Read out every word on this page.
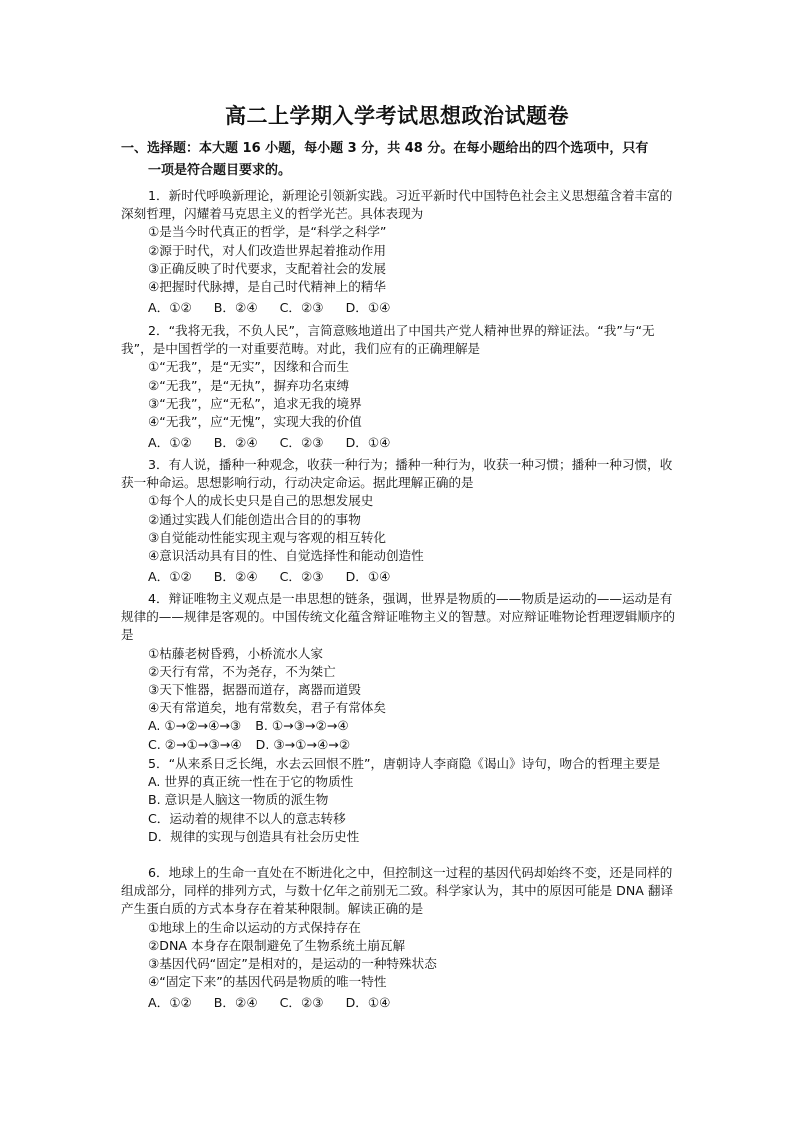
高二上学期入学考试思想政治试题卷
一、选择题：本大题 16 小题，每小题 3 分，共 48 分。在每小题给出的四个选项中，只有
一项是符合题目要求的。
1．新时代呼唤新理论，新理论引领新实践。习近平新时代中国特色社会主义思想蕴含着丰富的深刻哲理，闪耀着马克思主义的哲学光芒。具体表现为
①是当今时代真正的哲学，是“科学之科学”
②源于时代，对人们改造世界起着推动作用
③正确反映了时代要求，支配着社会的发展
④把握时代脉搏，是自己时代精神上的精华
A．①② B．②④ C．②③ D．①④
2．“我将无我，不负人民”，言简意赅地道出了中国共产党人精神世界的辩证法。“我”与“无我”，是中国哲学的一对重要范畴。对此，我们应有的正确理解是
①“无我”，是“无实”，因缘和合而生
②“无我”，是“无执”，摒弃功名束缚
③“无我”，应“无私”，追求无我的境界
④“无我”，应“无愧”，实现大我的价值
A．①② B．②④ C．②③ D．①④
3．有人说，播种一种观念，收获一种行为；播种一种行为，收获一种习惯；播种一种习惯，收获一种命运。思想影响行动，行动决定命运。据此理解正确的是
①每个人的成长史只是自己的思想发展史
②通过实践人们能创造出合目的的事物
③自觉能动性能实现主观与客观的相互转化
④意识活动具有目的性、自觉选择性和能动创造性
A．①② B．②④ C．②③ D．①④
4．辩证唯物主义观点是一串思想的链条，强调，世界是物质的——物质是运动的——运动是有规律的——规律是客观的。中国传统文化蕴含辩证唯物主义的智慧。对应辩证唯物论哲理逻辑顺序的是
①枯藤老树昏鸦，小桥流水人家
②天行有常，不为尧存，不为桀亡
③天下惟器，据器而道存，离器而道毁
④天有常道矣，地有常数矣，君子有常体矣
A. ①→②→④→③ B. ①→③→②→④
C. ②→①→③→④ D. ③→①→④→②
5．“从来系日乏长绳，水去云回恨不胜”，唐朝诗人李商隐《谒山》诗句，吻合的哲理主要是
A. 世界的真正统一性在于它的物质性
B. 意识是人脑这一物质的派生物
C．运动着的规律不以人的意志转移
D．规律的实现与创造具有社会历史性
6．地球上的生命一直处在不断进化之中，但控制这一过程的基因代码却始终不变，还是同样的组成部分，同样的排列方式，与数十亿年之前别无二致。科学家认为，其中的原因可能是 DNA 翻译产生蛋白质的方式本身存在着某种限制。解读正确的是
①地球上的生命以运动的方式保持存在
②DNA 本身存在限制避免了生物系统土崩瓦解
③基因代码“固定”是相对的，是运动的一种特殊状态
④“固定下来”的基因代码是物质的唯一特性
A．①② B．②④ C．②③ D．①④
